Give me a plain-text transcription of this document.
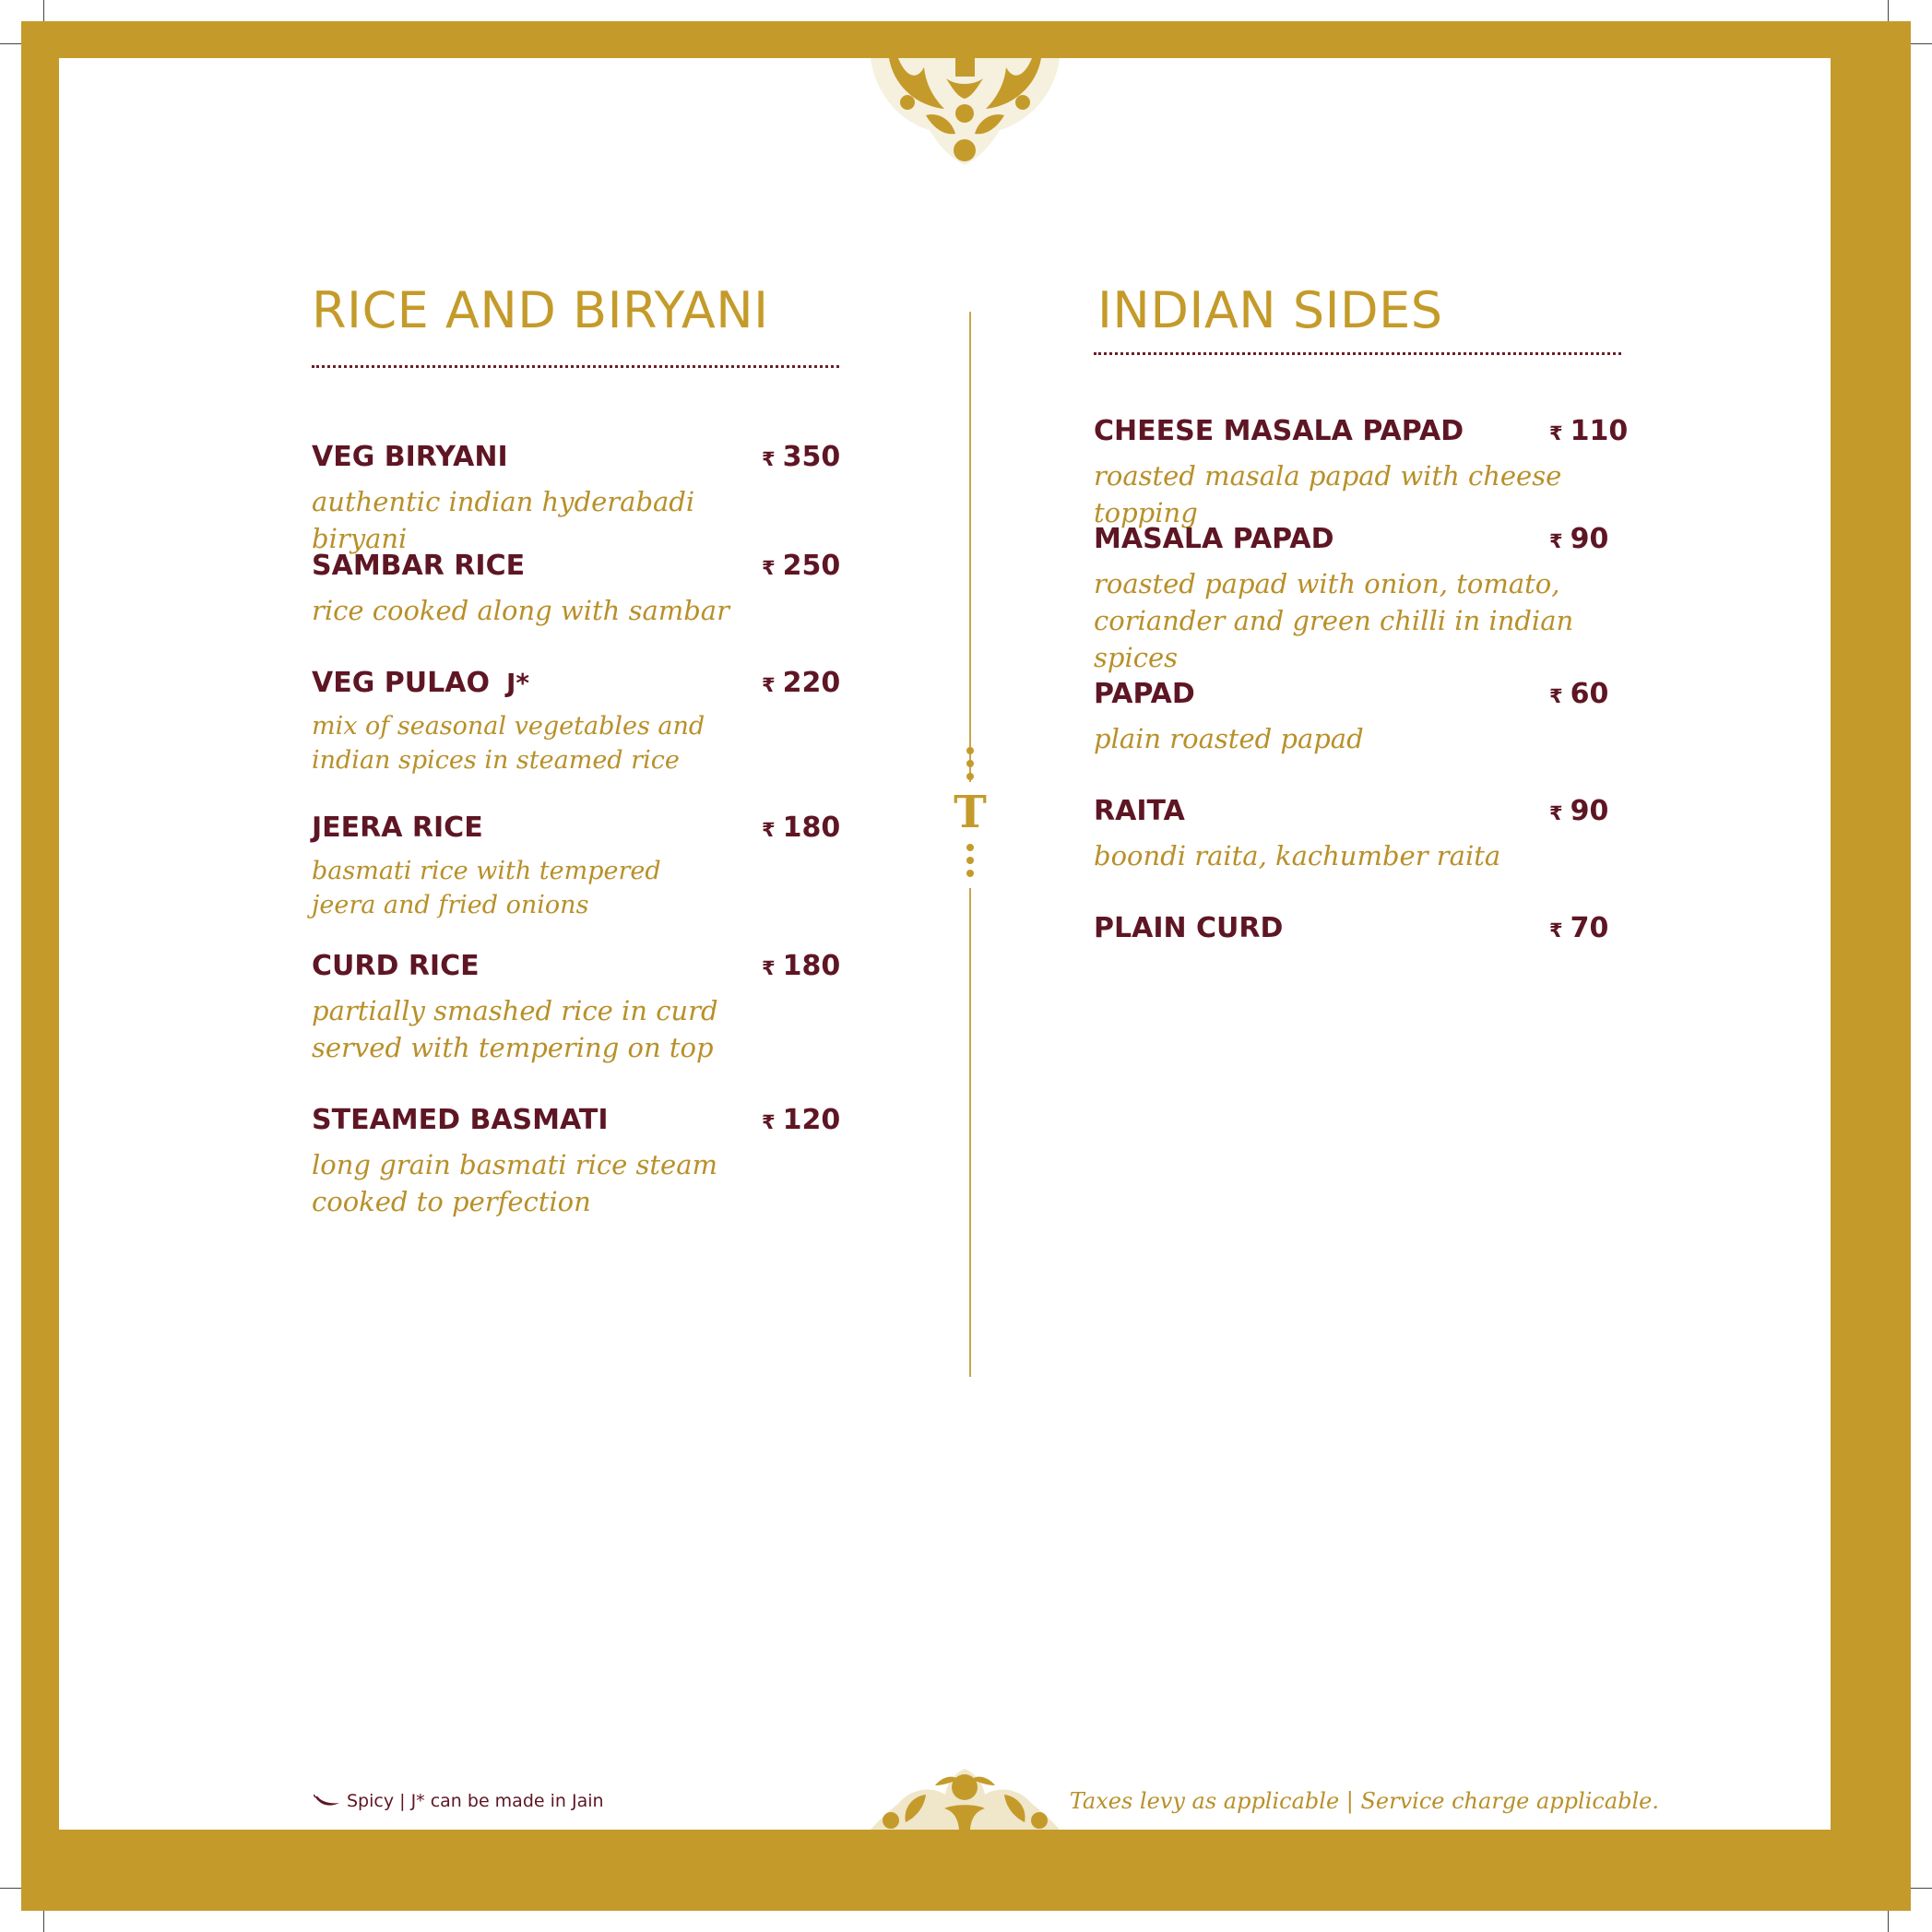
RICE AND BIRYANI
VEG BIRYANI	₹ 350
authentic indian hyderabadi biryani
SAMBAR RICE	₹ 250
rice cooked along with sambar
VEG PULAO J*	₹ 220
mix of seasonal vegetables and indian spices in steamed rice
JEERA RICE	₹ 180
basmati rice with tempered jeera and fried onions
CURD RICE	₹ 180
partially smashed rice in curd served with tempering on top
STEAMED BASMATI	₹ 120
long grain basmati rice steam cooked to perfection
T
INDIAN SIDES
CHEESE MASALA PAPAD	₹ 110
roasted masala papad with cheese topping
MASALA PAPAD	₹ 90
roasted papad with onion, tomato, coriander and green chilli in indian spices
PAPAD	₹ 60
plain roasted papad
RAITA	₹ 90
boondi raita, kachumber raita
PLAIN CURD	₹ 70
Spicy | J* can be made in Jain	Taxes levy as applicable | Service charge applicable.
